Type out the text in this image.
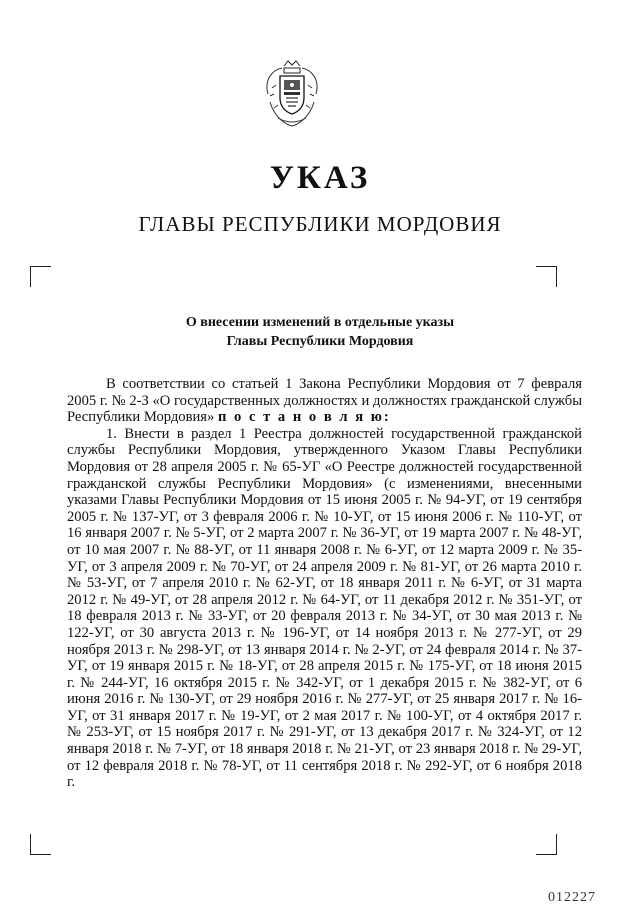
УКАЗ
ГЛАВЫ РЕСПУБЛИКИ МОРДОВИЯ
О внесении изменений в отдельные указы
Главы Республики Мордовия

В соответствии со статьей 1 Закона Республики Мордовия от 7 февраля 2005 г. № 2-З «О государственных должностях и должностях гражданской службы Республики Мордовия» п о с т а н о в л я ю:

1. Внести в раздел 1 Реестра должностей государственной гражданской службы Республики Мордовия, утвержденного Указом Главы Республики Мордовия от 28 апреля 2005 г. № 65-УГ «О Реестре должностей государственной гражданской службы Республики Мордовия» (с изменениями, внесенными указами Главы Республики Мордовия от 15 июня 2005 г. № 94-УГ, от 19 сентября 2005 г. № 137-УГ, от 3 февраля 2006 г. № 10-УГ, от 15 июня 2006 г. № 110-УГ, от 16 января 2007 г. № 5-УГ, от 2 марта 2007 г. № 36-УГ, от 19 марта 2007 г. № 48-УГ, от 10 мая 2007 г. № 88-УГ, от 11 января 2008 г. № 6-УГ, от 12 марта 2009 г. № 35-УГ, от 3 апреля 2009 г. № 70-УГ, от 24 апреля 2009 г. № 81-УГ, от 26 марта 2010 г. № 53-УГ, от 7 апреля 2010 г. № 62-УГ, от 18 января 2011 г. № 6-УГ, от 31 марта 2012 г. № 49-УГ, от 28 апреля 2012 г. № 64-УГ, от 11 декабря 2012 г. № 351-УГ, от 18 февраля 2013 г. № 33-УГ, от 20 февраля 2013 г. № 34-УГ, от 30 мая 2013 г. № 122-УГ, от 30 августа 2013 г. № 196-УГ, от 14 ноября 2013 г. № 277-УГ, от 29 ноября 2013 г. № 298-УГ, от 13 января 2014 г. № 2-УГ, от 24 февраля 2014 г. № 37-УГ, от 19 января 2015 г. № 18-УГ, от 28 апреля 2015 г. № 175-УГ, от 18 июня 2015 г. № 244-УГ, 16 октября 2015 г. № 342-УГ, от 1 декабря 2015 г. № 382-УГ, от 6 июня 2016 г. № 130-УГ, от 29 ноября 2016 г. № 277-УГ, от 25 января 2017 г. № 16-УГ, от 31 января 2017 г. № 19-УГ, от 2 мая 2017 г. № 100-УГ, от 4 октября 2017 г. № 253-УГ, от 15 ноября 2017 г. № 291-УГ, от 13 декабря 2017 г. № 324-УГ, от 12 января 2018 г. № 7-УГ, от 18 января 2018 г. № 21-УГ, от 23 января 2018 г. № 29-УГ, от 12 февраля 2018 г. № 78-УГ, от 11 сентября 2018 г. № 292-УГ, от 6 ноября 2018 г.

012227
